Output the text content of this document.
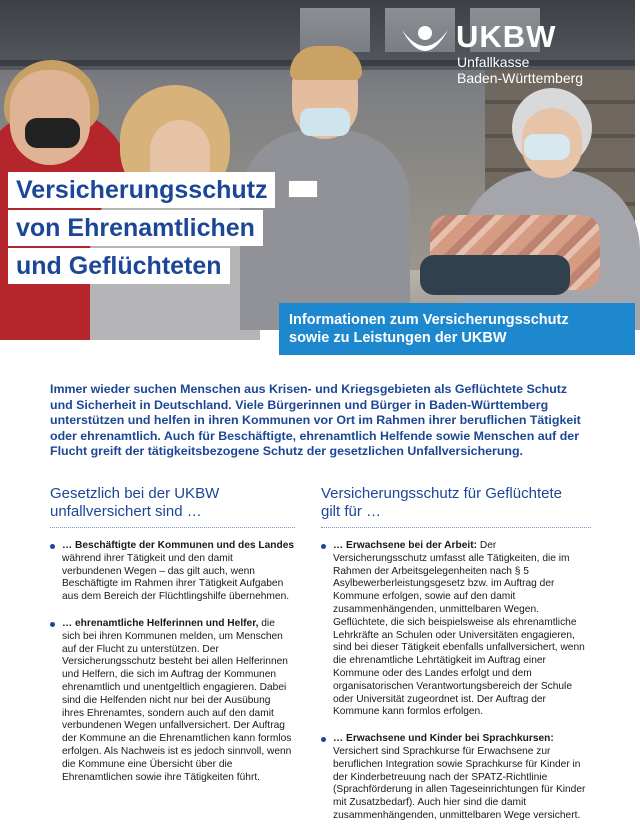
UKBW
Unfallkasse
Baden-Württemberg
Versicherungsschutz
von Ehrenamtlichen
und Geflüchteten
Informationen zum Versicherungsschutz
sowie zu Leistungen der UKBW

Immer wieder suchen Menschen aus Krisen- und Kriegsgebieten als Geflüchtete Schutz und Sicherheit in Deutschland. Viele Bürgerinnen und Bürger in Baden-Württemberg unterstützen und helfen in ihren Kommunen vor Ort im Rahmen ihrer beruflichen Tätigkeit oder ehrenamtlich. Auch für Beschäftigte, ehrenamtlich Helfende sowie Menschen auf der Flucht greift der tätigkeitsbezogene Schutz der gesetzlichen Unfallversicherung.

Gesetzlich bei der UKBW
unfallversichert sind …
… Beschäftigte der Kommunen und des Landes während ihrer Tätigkeit und den damit verbundenen Wegen – das gilt auch, wenn Beschäftigte im Rahmen ihrer Tätigkeit Aufgaben aus dem Bereich der Flüchtlingshilfe übernehmen.
… ehrenamtliche Helferinnen und Helfer, die sich bei ihren Kommunen melden, um Menschen auf der Flucht zu unterstützen. Der Versicherungsschutz besteht bei allen Helferinnen und Helfern, die sich im Auftrag der Kommunen ehrenamtlich und unentgeltlich engagieren. Dabei sind die Helfenden nicht nur bei der Ausübung ihres Ehrenamtes, sondern auch auf den damit verbundenen Wegen unfallversichert. Der Auftrag der Kommune an die Ehrenamtlichen kann formlos erfolgen. Als Nachweis ist es jedoch sinnvoll, wenn die Kommune eine Übersicht über die Ehrenamtlichen sowie ihre Tätigkeiten führt.
Versicherungsschutz für Geflüchtete
gilt für …
… Erwachsene bei der Arbeit: Der Versicherungsschutz umfasst alle Tätigkeiten, die im Rahmen der Arbeitsgelegenheiten nach § 5 Asylbewerberleistungsgesetz bzw. im Auftrag der Kommune erfolgen, sowie auf den damit zusammenhängenden, unmittelbaren Wegen. Geflüchtete, die sich beispielsweise als ehrenamtliche Lehrkräfte an Schulen oder Universitäten engagieren, sind bei dieser Tätigkeit ebenfalls unfallversichert, wenn die ehrenamtliche Lehrtätigkeit im Auftrag einer Kommune oder des Landes erfolgt und dem organisatorischen Verantwortungsbereich der Schule oder Universität zugeordnet ist. Der Auftrag der Kommune kann formlos erfolgen.
… Erwachsene und Kinder bei Sprachkursen: Versichert sind Sprachkurse für Erwachsene zur beruflichen Integration sowie Sprachkurse für Kinder in der Kinderbetreuung nach der SPATZ-Richtlinie (Sprachförderung in allen Tageseinrichtungen für Kinder mit Zusatzbedarf). Auch hier sind die damit zusammenhängenden, unmittelbaren Wege versichert.
